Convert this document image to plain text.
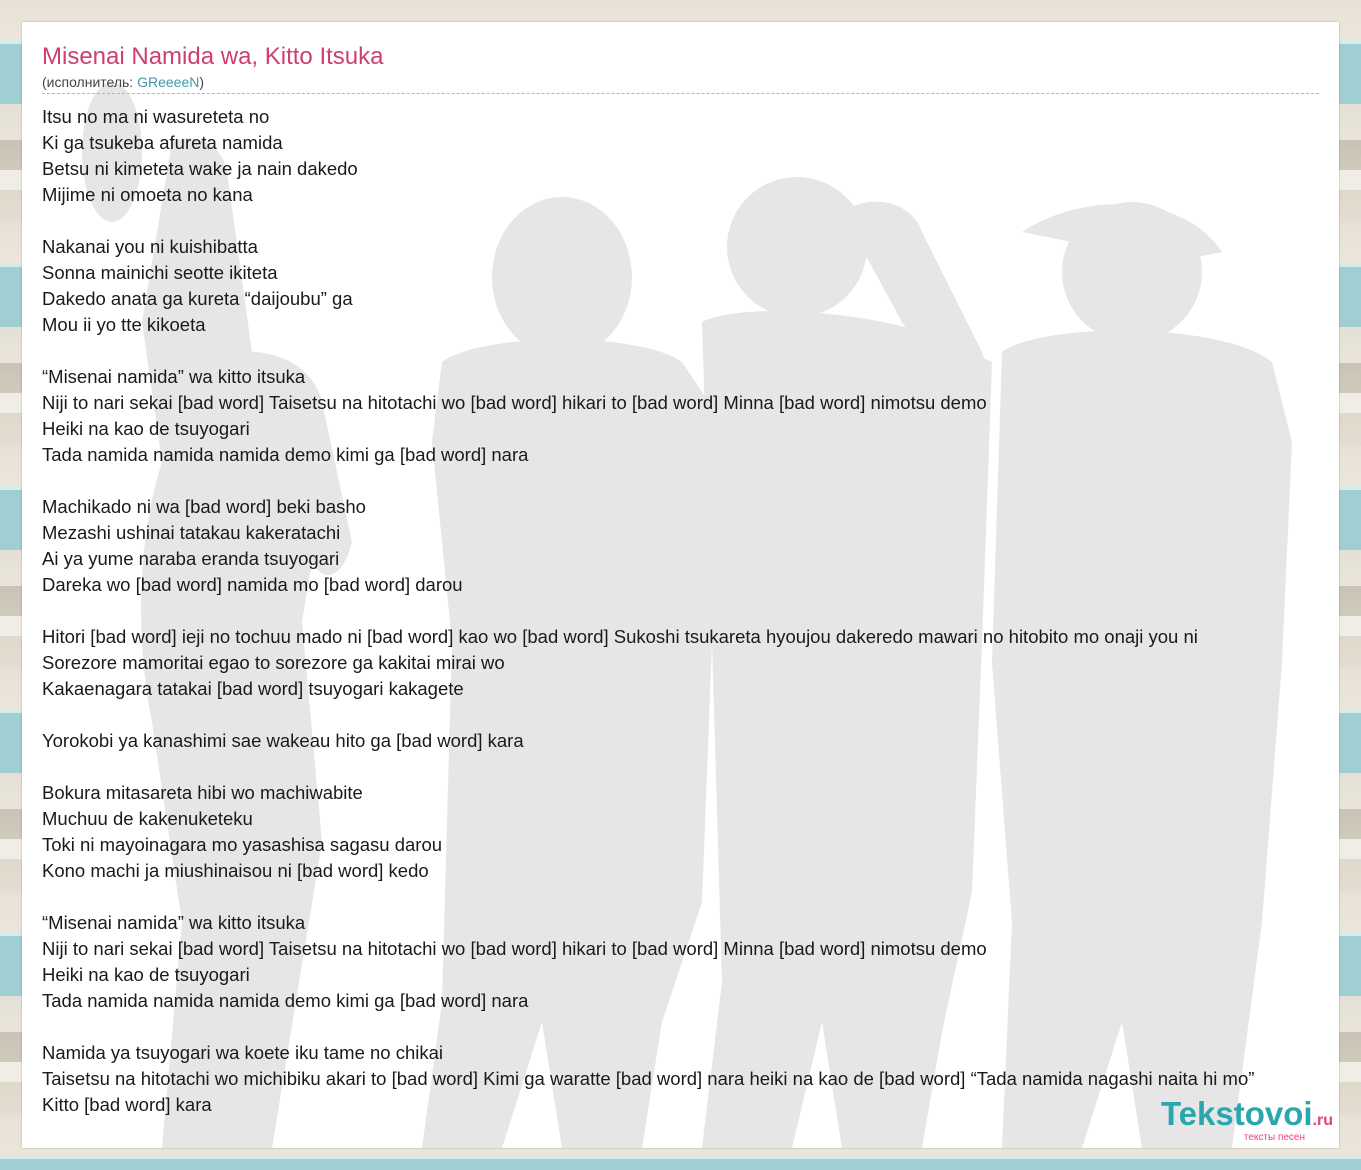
Misenai Namida wa, Kitto Itsuka
(исполнитель: GReeeeN)
Itsu no ma ni wasureteta no
Ki ga tsukeba afureta namida
Betsu ni kimeteta wake ja nain dakedo
Mijime ni omoeta no kana
Nakanai you ni kuishibatta
Sonna mainichi seotte ikiteta
Dakedo anata ga kureta “daijoubu” ga
Mou ii yo tte kikoeta
“Misenai namida” wa kitto itsuka
Niji to nari sekai [bad word] Taisetsu na hitotachi wo [bad word] hikari to [bad word] Minna [bad word] nimotsu demo
Heiki na kao de tsuyogari
Tada namida namida namida demo kimi ga [bad word] nara
Machikado ni wa [bad word] beki basho
Mezashi ushinai tatakau kakeratachi
Ai ya yume naraba eranda tsuyogari
Dareka wo [bad word] namida mo [bad word] darou
Hitori [bad word] ieji no tochuu mado ni [bad word] kao wo [bad word] Sukoshi tsukareta hyoujou dakeredo mawari no hitobito mo onaji you ni
Sorezore mamoritai egao to sorezore ga kakitai mirai wo
Kakaenagara tatakai [bad word] tsuyogari kakagete
Yorokobi ya kanashimi sae wakeau hito ga [bad word] kara
Bokura mitasareta hibi wo machiwabite
Muchuu de kakenuketeku
Toki ni mayoinagara mo yasashisa sagasu darou
Kono machi ja miushinaisou ni [bad word] kedo
“Misenai namida” wa kitto itsuka
Niji to nari sekai [bad word] Taisetsu na hitotachi wo [bad word] hikari to [bad word] Minna [bad word] nimotsu demo
Heiki na kao de tsuyogari
Tada namida namida namida demo kimi ga [bad word] nara
Namida ya tsuyogari wa koete iku tame no chikai
Taisetsu na hitotachi wo michibiku akari to [bad word] Kimi ga waratte [bad word] nara heiki na kao de [bad word] “Tada namida nagashi naita hi mo”
Kitto [bad word] kara	Tekstovoi.ru
тексты песен
